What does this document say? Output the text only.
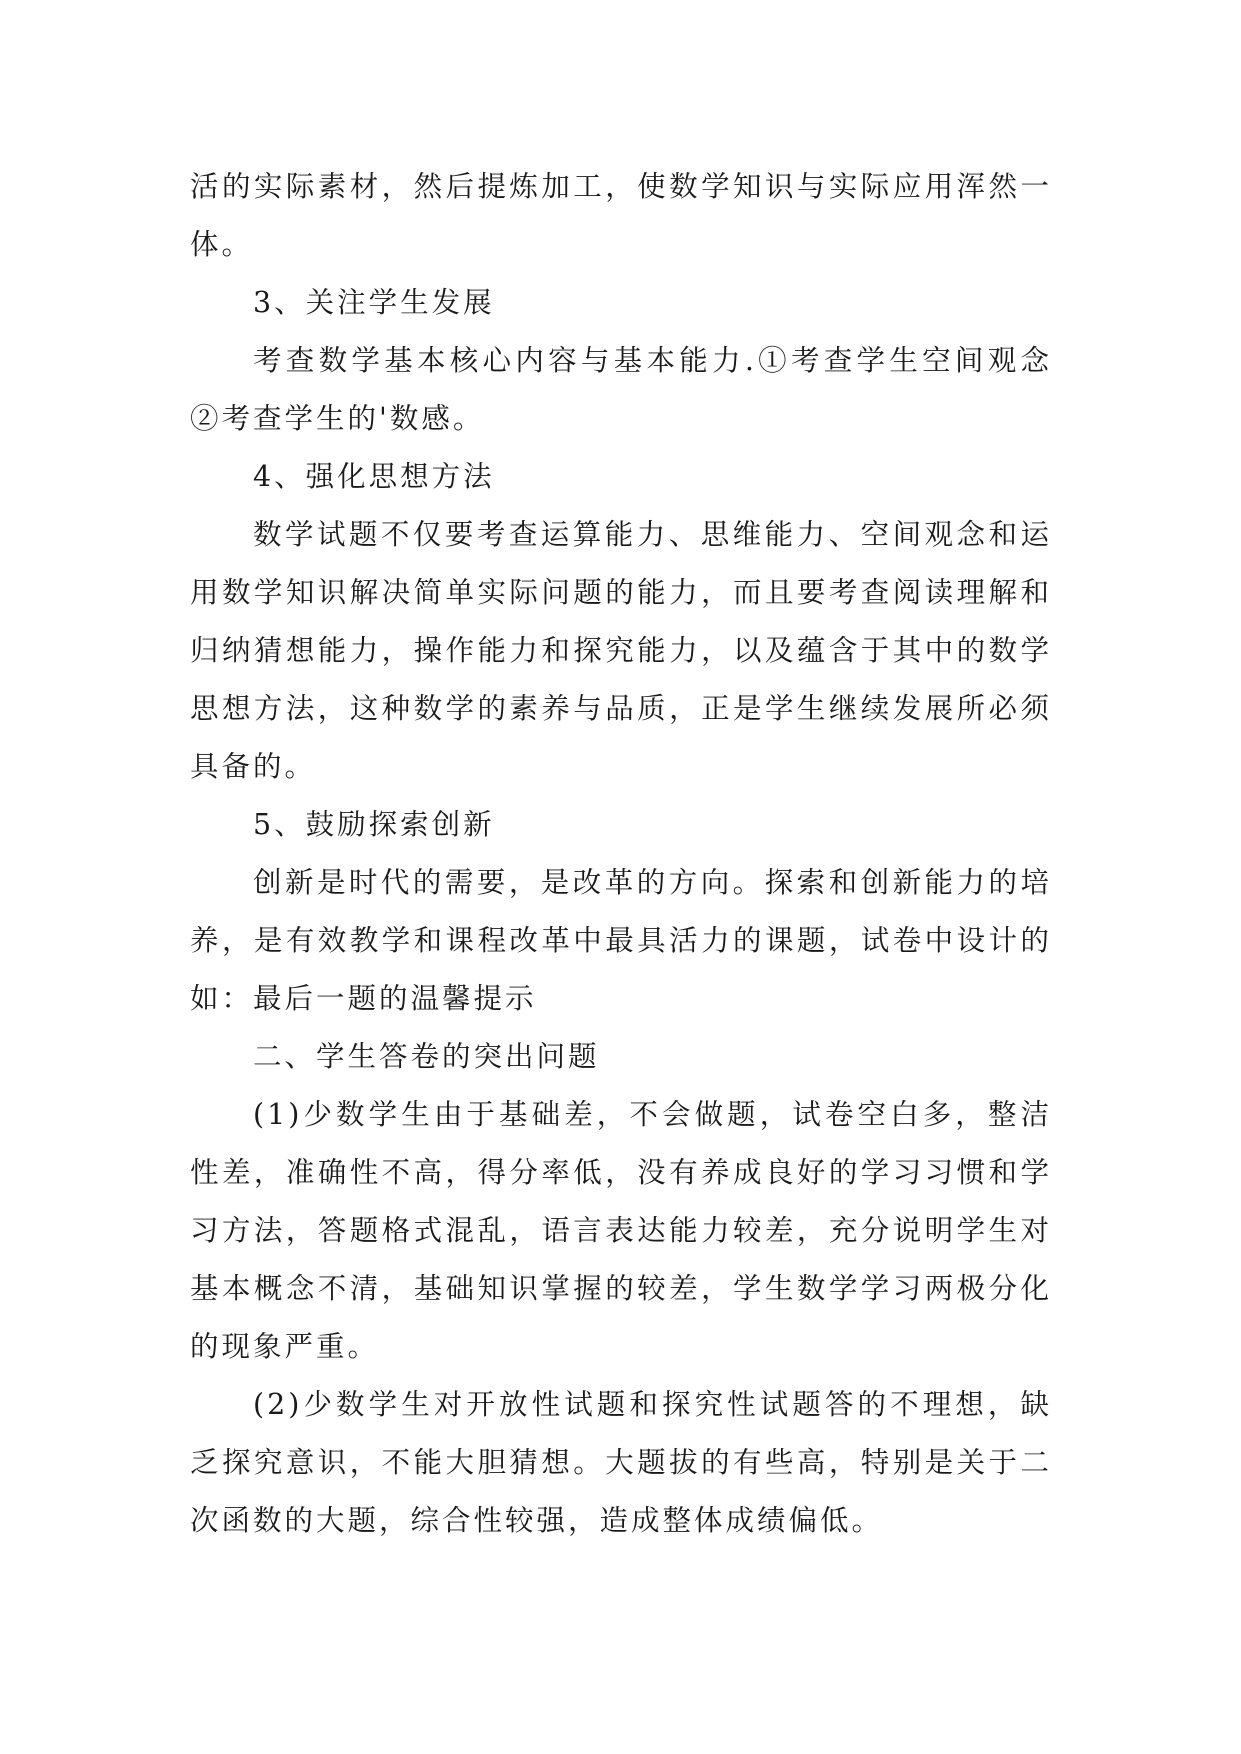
活的实际素材，然后提炼加工，使数学知识与实际应用浑然一体。

3、关注学生发展

考查数学基本核心内容与基本能力.①考查学生空间观念 ②考查学生的'数感。

4、强化思想方法

数学试题不仅要考查运算能力、思维能力、空间观念和运用数学知识解决简单实际问题的能力，而且要考查阅读理解和归纳猜想能力，操作能力和探究能力，以及蕴含于其中的数学思想方法，这种数学的素养与品质，正是学生继续发展所必须具备的。

5、鼓励探索创新

创新是时代的需要，是改革的方向。探索和创新能力的培养，是有效教学和课程改革中最具活力的课题，试卷中设计的如：最后一题的温馨提示

二、学生答卷的突出问题

(1)少数学生由于基础差，不会做题，试卷空白多，整洁性差，准确性不高，得分率低，没有养成良好的学习习惯和学习方法，答题格式混乱，语言表达能力较差，充分说明学生对基本概念不清，基础知识掌握的较差，学生数学学习两极分化的现象严重。

(2)少数学生对开放性试题和探究性试题答的不理想，缺乏探究意识，不能大胆猜想。大题拔的有些高，特别是关于二次函数的大题，综合性较强，造成整体成绩偏低。
